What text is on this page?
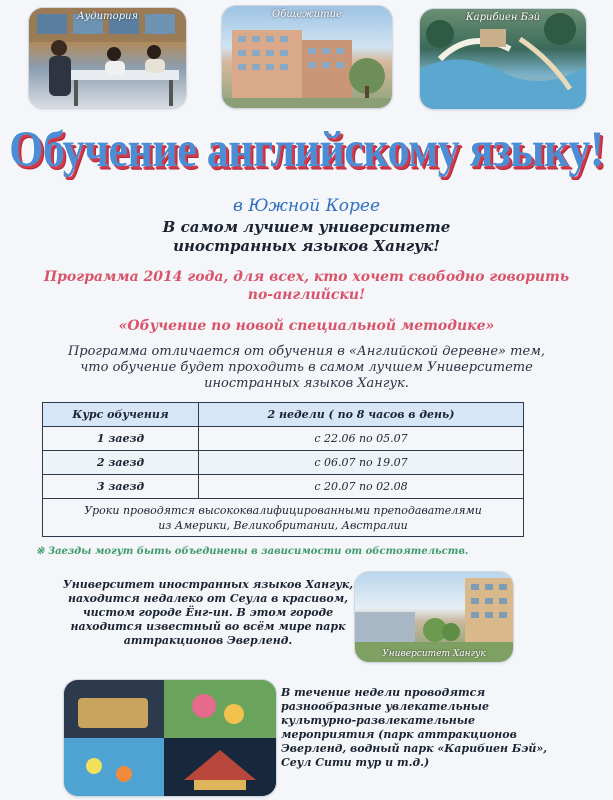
Аудитория	Общежитие	Карибиен Бэй
Обучение английскому языку!
в Южной Корее
В самом лучшем университете
иностранных языков Хангук!
Программа 2014 года, для всех, кто хочет свободно говорить
по-английски!
«Обучение по новой специальной методике»
Программа отличается от обучения в «Английской деревне» тем,
что обучение будет проходить в самом лучшем Университете
иностранных языков Хангук.
Курс обучения	2 недели ( по 8 часов в день)
1 заезд	с 22.06 по 05.07
2 заезд	с 06.07 по 19.07
3 заезд	с 20.07 по 02.08

Уроки проводятся высококвалифицированными преподавателями
из Америки, Великобритании, Австралии	
※ Заезды могут быть объединены в зависимости от обстоятельств.
Университет иностранных языков Хангук,
находится недалеко от Сеула в красивом,
чистом городе Ёнг-ин. В этом городе
находится известный во всём мире парк
аттракционов Эверленд.
Университет Хангук
В течение недели проводятся
разнообразные увлекательные
культурно-развлекательные
мероприятия (парк аттракционов
Эверленд, водный парк «Карибиен Бэй»,
Сеул Сити тур и т.д.)
